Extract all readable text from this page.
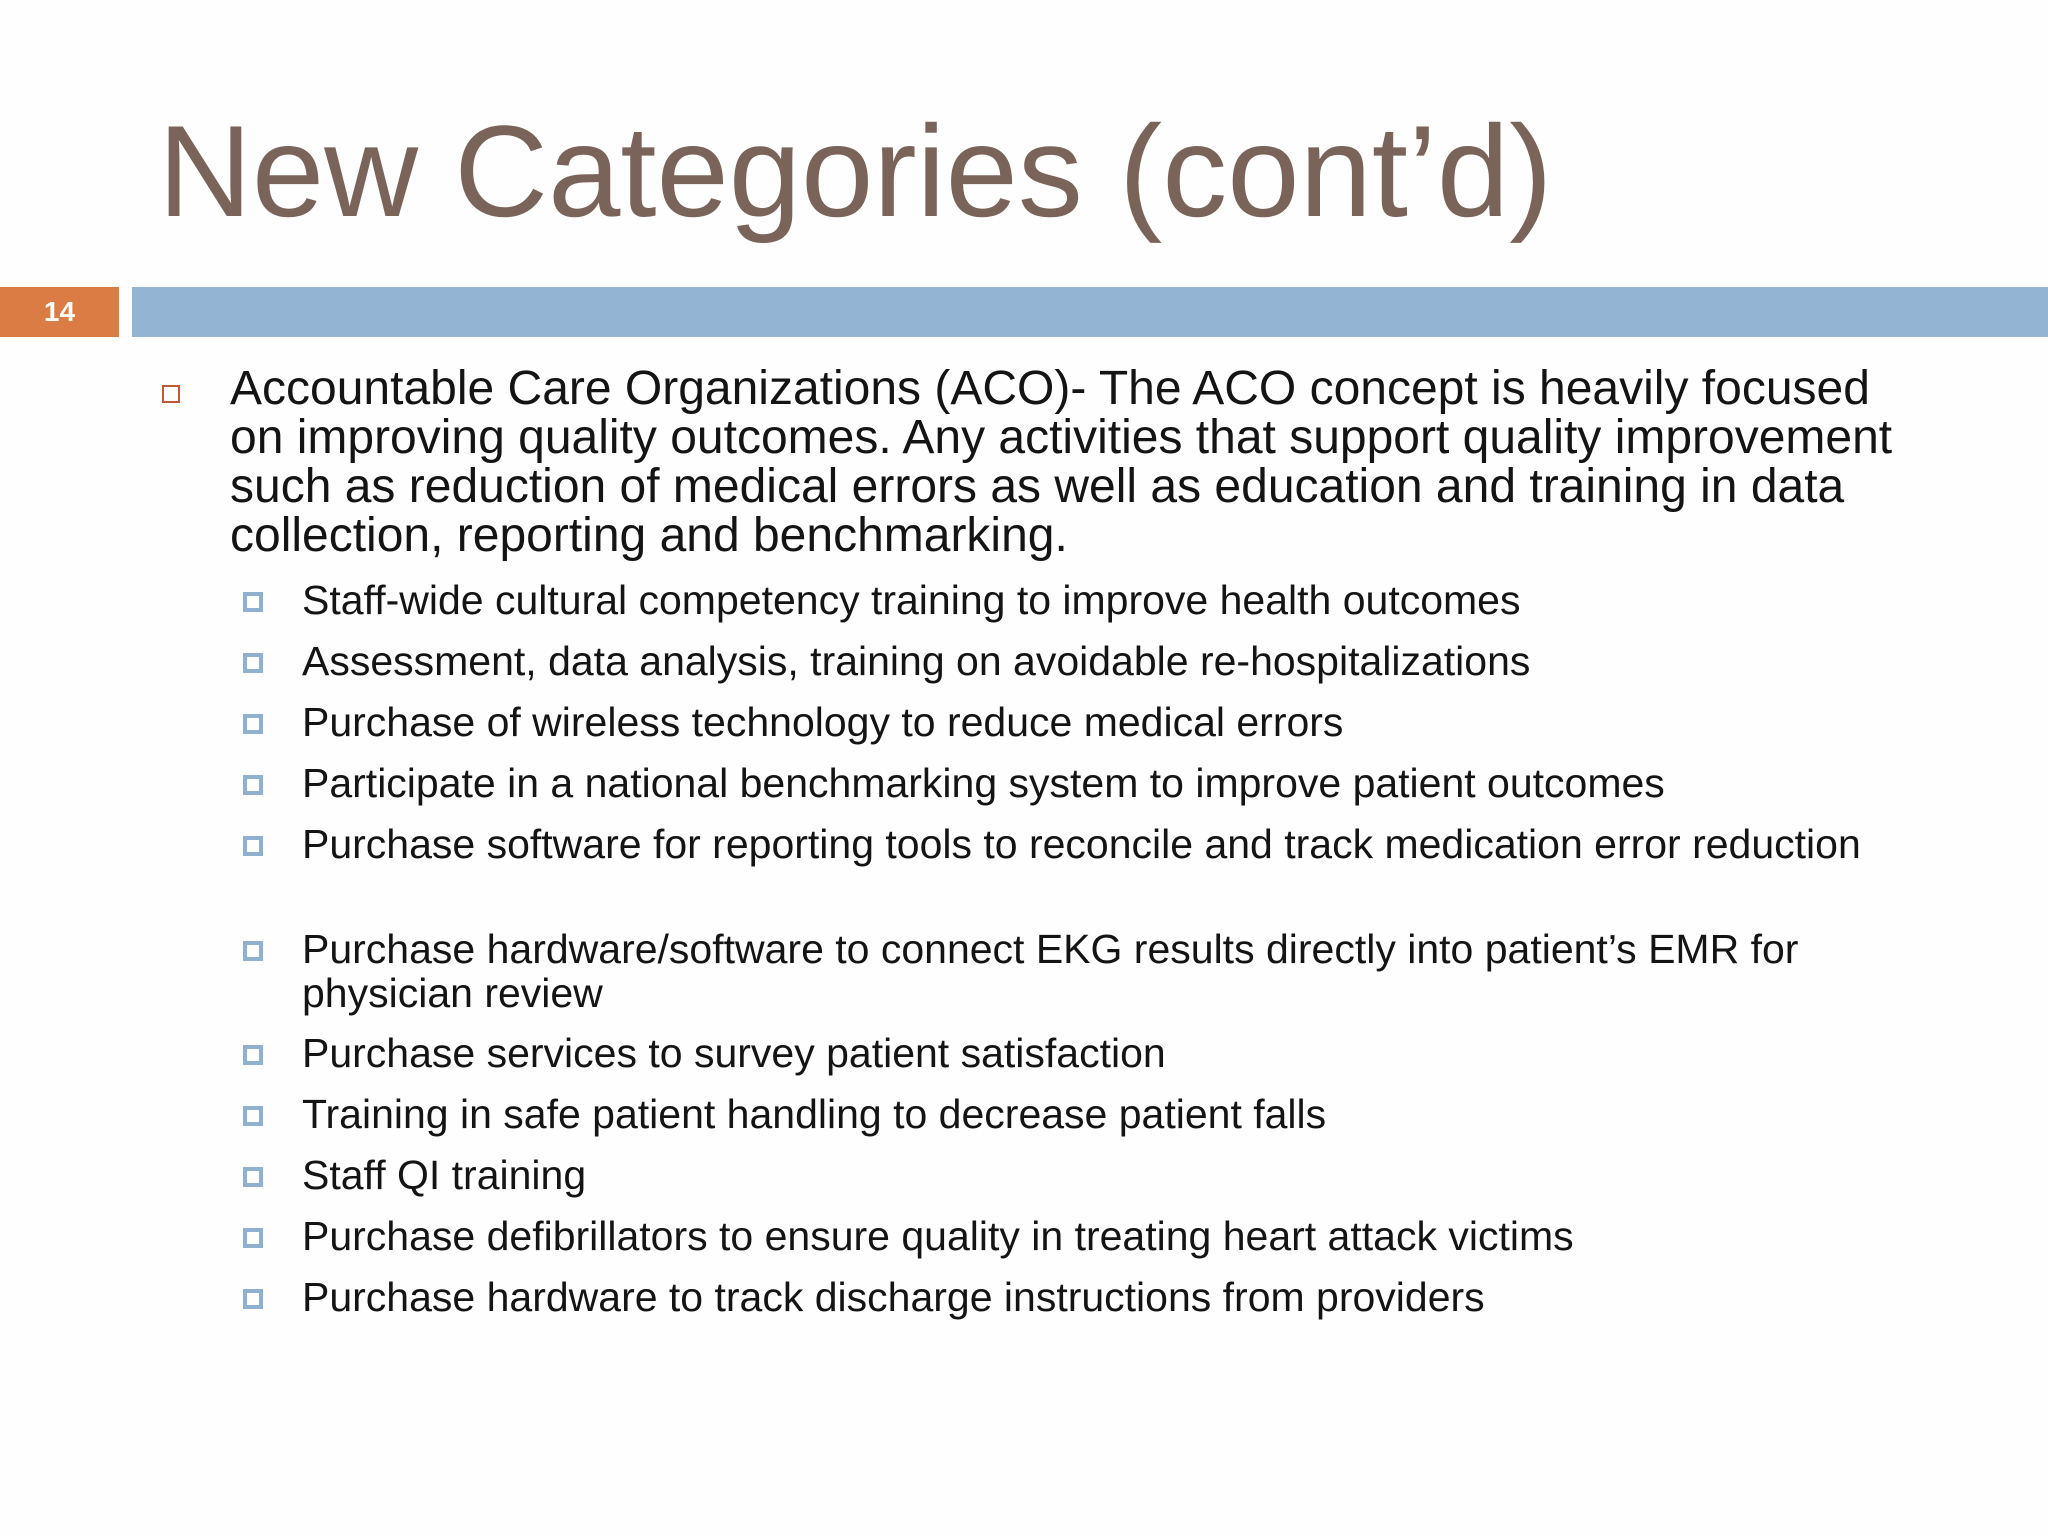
New Categories (cont’d)
14
Accountable Care Organizations (ACO)- The ACO concept is heavily focused on improving quality outcomes. Any activities that support quality improvement such as reduction of medical errors as well as education and training in data collection, reporting and benchmarking.
Staff-wide cultural competency training to improve health outcomes
Assessment, data analysis, training on avoidable re-hospitalizations
Purchase of wireless technology to reduce medical errors
Participate in a national benchmarking system to improve patient outcomes
Purchase software for reporting tools to reconcile and track medication error reduction
Purchase hardware/software to connect EKG results directly into patient’s EMR for physician review
Purchase services to survey patient satisfaction
Training in safe patient handling to decrease patient falls
Staff QI training
Purchase defibrillators to ensure quality in treating heart attack victims
Purchase hardware to track discharge instructions from providers
